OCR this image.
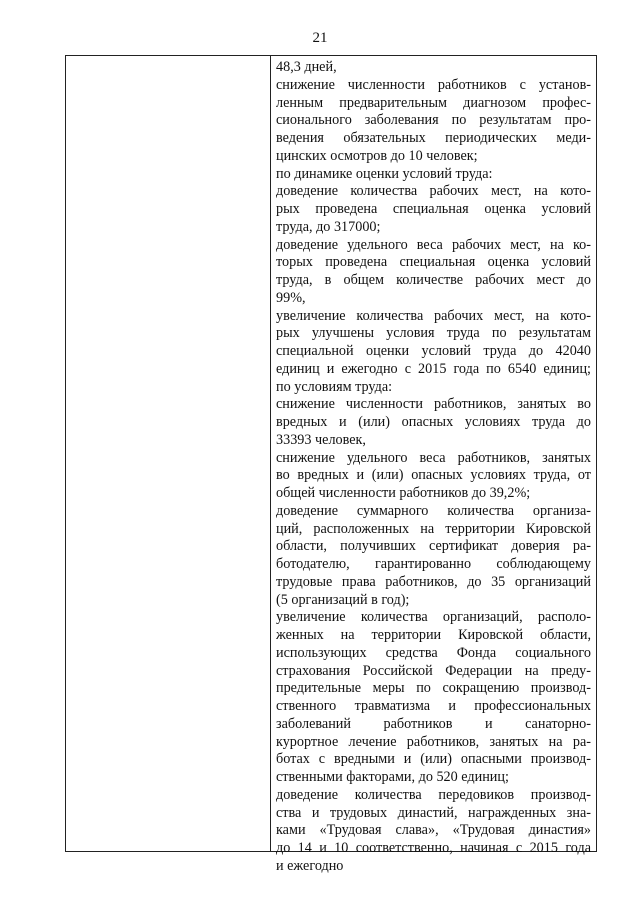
21
48,3 дней,
снижение численности работников с установ-
ленным предварительным диагнозом профес-
сионального заболевания по результатам про-
ведения обязательных периодических меди-
цинских осмотров до 10 человек;
по динамике оценки условий труда:
доведение количества рабочих мест, на кото-
рых проведена специальная оценка условий
труда, до 317000;
доведение удельного веса рабочих мест, на ко-
торых проведена специальная оценка условий
труда, в общем количестве рабочих мест до
99%,
увеличение количества рабочих мест, на кото-
рых улучшены условия труда по результатам
специальной оценки условий труда до 42040
единиц и ежегодно с 2015 года по 6540 единиц;
по условиям труда:
снижение численности работников, занятых во
вредных и (или) опасных условиях труда до
33393 человек,
снижение удельного веса работников, занятых
во вредных и (или) опасных условиях труда, от
общей численности работников до 39,2%;
доведение суммарного количества организа-
ций, расположенных на территории Кировской
области, получивших сертификат доверия ра-
ботодателю, гарантированно соблюдающему
трудовые права работников, до 35 организаций
(5 организаций в год);
увеличение количества организаций, располо-
женных на территории Кировской области,
использующих средства Фонда социального
страхования Российской Федерации на преду-
предительные меры по сокращению производ-
ственного травматизма и профессиональных
заболеваний работников и санаторно-
курортное лечение работников, занятых на ра-
ботах с вредными и (или) опасными производ-
ственными факторами, до 520 единиц;
доведение количества передовиков производ-
ства и трудовых династий, награжденных зна-
ками «Трудовая слава», «Трудовая династия»
до 14 и 10 соответственно, начиная с 2015 года
и ежегодно
